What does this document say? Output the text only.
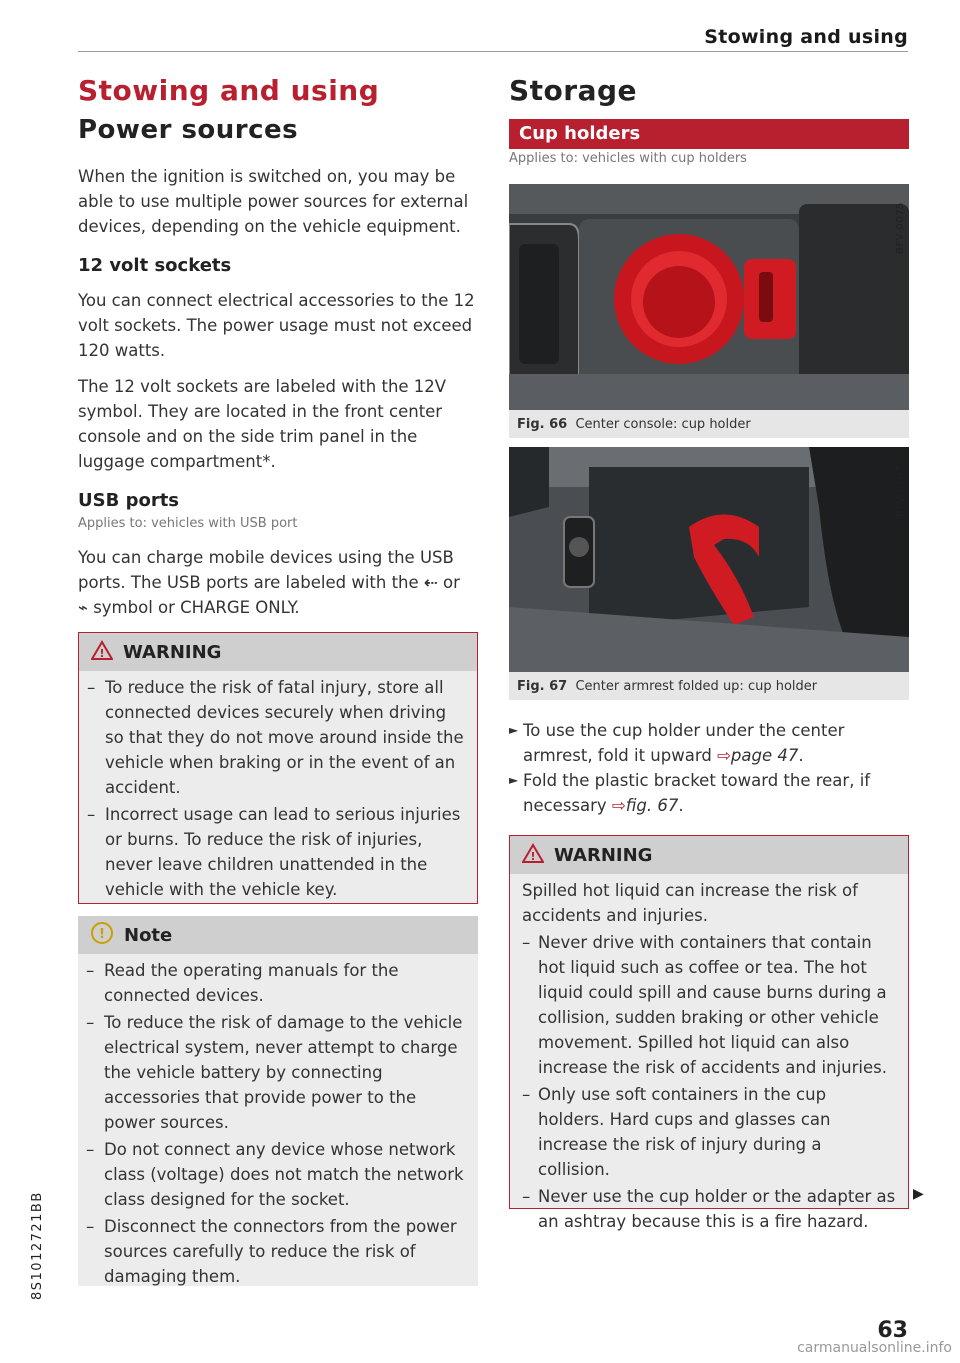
Stowing and using
8S1012721BB
Stowing and using
Power sources
When the ignition is switched on, you may be able to use multiple power sources for external devices, depending on the vehicle equipment.
12 volt sockets
You can connect electrical accessories to the 12 volt sockets. The power usage must not exceed 120 watts.
The 12 volt sockets are labeled with the 12V symbol. They are located in the front center console and on the side trim panel in the luggage compartment*.
USB ports
Applies to: vehicles with USB port
You can charge mobile devices using the USB ports. The USB ports are labeled with the ⇠ or
⌁ symbol or CHARGE ONLY.
! WARNING
– To reduce the risk of fatal injury, store all connected devices securely when driving so that they do not move around inside the vehicle when braking or in the event of an accident.
– Incorrect usage can lead to serious injuries or burns. To reduce the risk of injuries, never leave children unattended in the vehicle with the vehicle key.
! Note
– Read the operating manuals for the connected devices.
– To reduce the risk of damage to the vehicle electrical system, never attempt to charge the vehicle battery by connecting accessories that provide power to the power sources.
– Do not connect any device whose network class (voltage) does not match the network class designed for the socket.
– Disconnect the connectors from the power sources carefully to reduce the risk of damaging them.
Storage
Cup holders
Applies to: vehicles with cup holders
BFV-0075
Fig. 66 Center console: cup holder
BFV-0107
Fig. 67 Center armrest folded up: cup holder
► To use the cup holder under the center armrest, fold it upward ⇨page 47.
► Fold the plastic bracket toward the rear, if necessary ⇨fig. 67.
! WARNING
Spilled hot liquid can increase the risk of accidents and injuries.
– Never drive with containers that contain hot liquid such as coffee or tea. The hot liquid could spill and cause burns during a collision, sudden braking or other vehicle movement. Spilled hot liquid can also increase the risk of accidents and injuries.
– Only use soft containers in the cup holders. Hard cups and glasses can increase the risk of injury during a collision.
– Never use the cup holder or the adapter as an ashtray because this is a fire hazard.
▶
63
carmanualsonline.info
